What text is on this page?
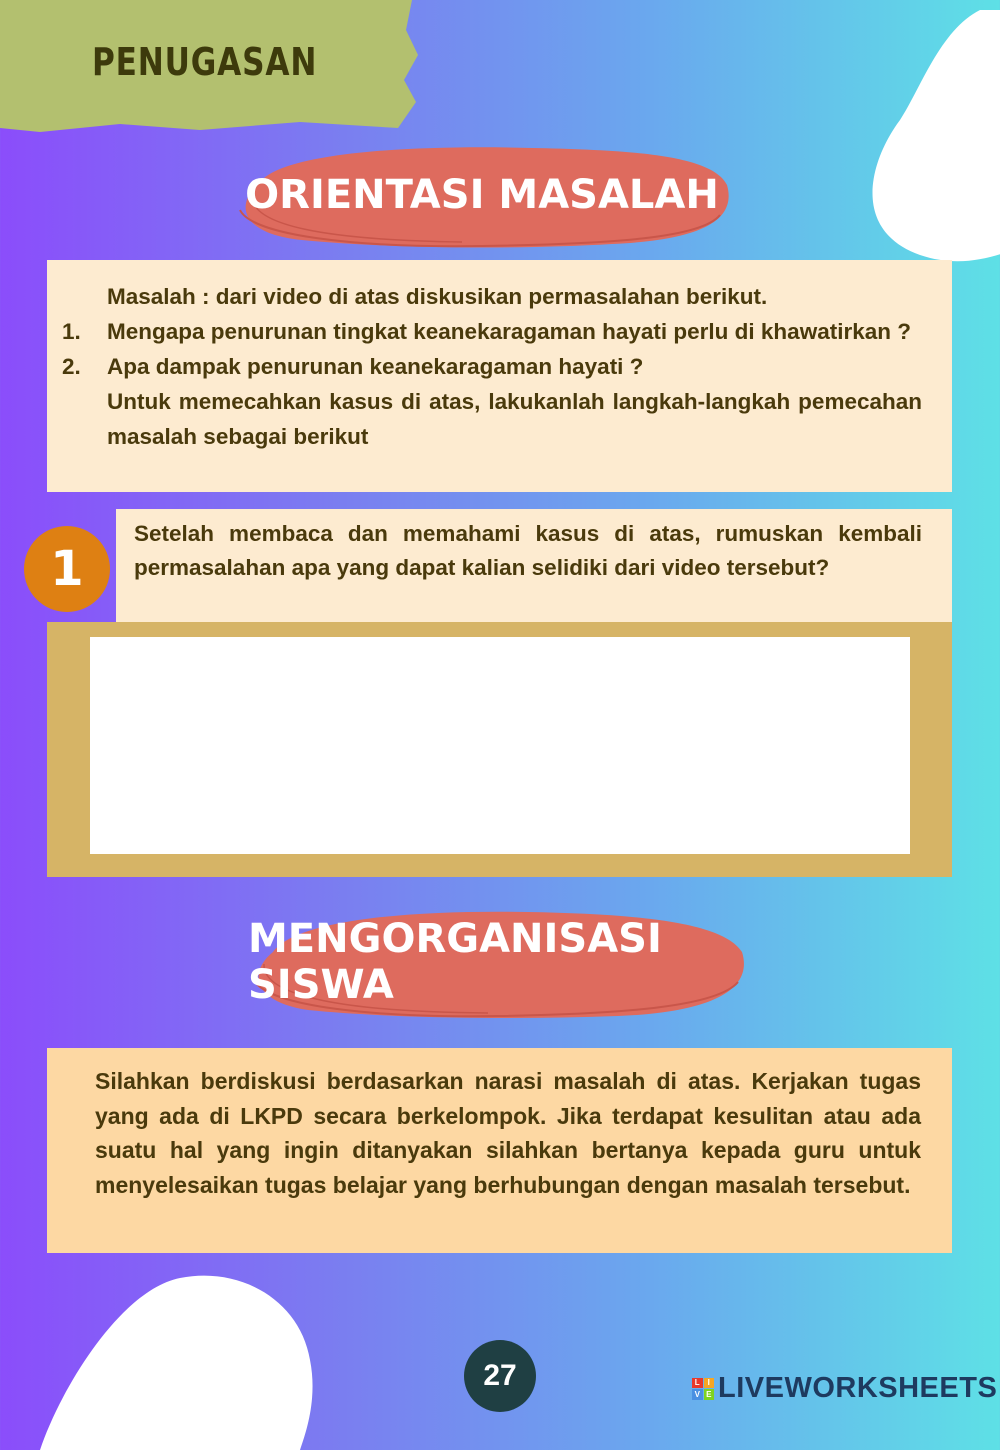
PENUGASAN
ORIENTASI MASALAH

Masalah : dari video di atas diskusikan permasalahan berikut.

1. Mengapa penurunan tingkat keanekaragaman hayati perlu di khawatirkan ?

2. Apa dampak penurunan keanekaragaman hayati ?

Untuk memecahkan kasus di atas, lakukanlah langkah-langkah pemecahan masalah sebagai berikut

Setelah membaca dan memahami kasus di atas, rumuskan kembali permasalahan apa yang dapat kalian selidiki dari video tersebut?
1
MENGORGANISASI SISWA
Silahkan berdiskusi berdasarkan narasi masalah di atas. Kerjakan tugas yang ada di LKPD secara berkelompok. Jika terdapat kesulitan atau ada suatu hal yang ingin ditanyakan silahkan bertanya kepada guru untuk menyelesaikan tugas belajar yang berhubungan dengan masalah tersebut.
27	L I
V E LIVEWORKSHEETS
